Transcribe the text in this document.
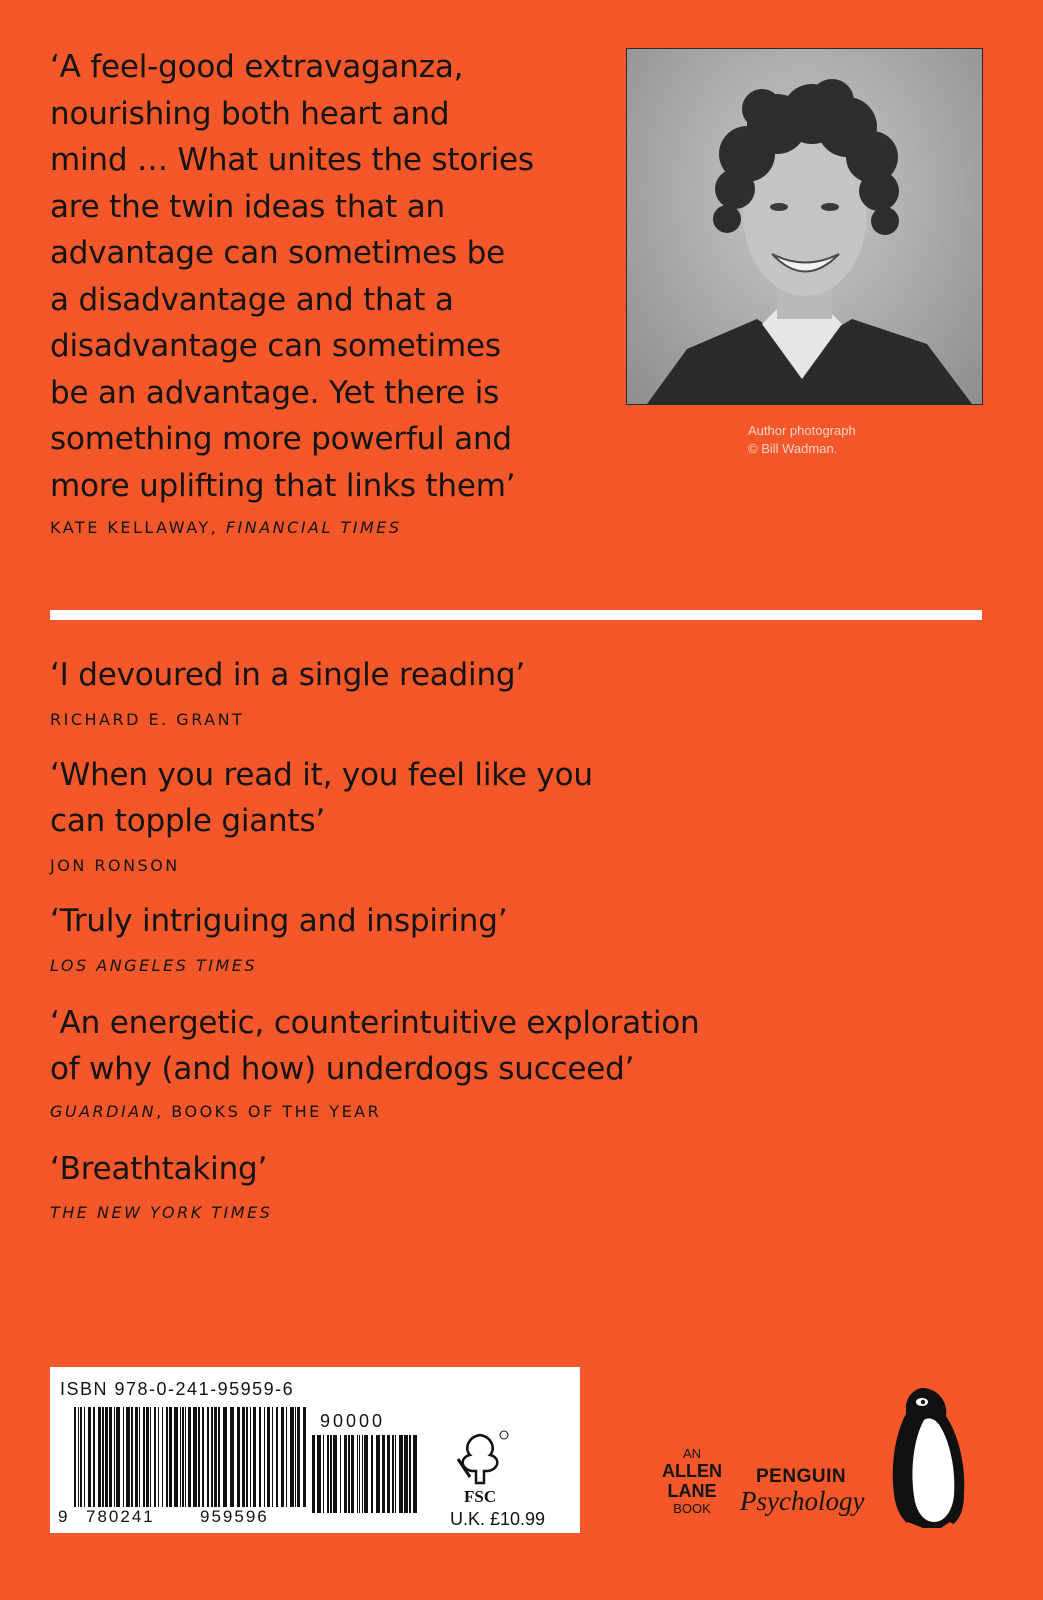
‘A feel-good extravaganza,
nourishing both heart and
mind … What unites the stories
are the twin ideas that an
advantage can sometimes be
a disadvantage and that a
disadvantage can sometimes
be an advantage. Yet there is
something more powerful and
more uplifting that links them’
KATE KELLAWAY, FINANCIAL TIMES
Author photograph
© Bill Wadman.
‘I devoured in a single reading’
RICHARD E. GRANT
‘When you read it, you feel like you
can topple giants’
JON RONSON
‘Truly intriguing and inspiring’
LOS ANGELES TIMES
‘An energetic, counterintuitive exploration
of why (and how) underdogs succeed’
GUARDIAN, BOOKS OF THE YEAR
‘Breathtaking’
THE NEW YORK TIMES
ISBN 978-0-241-95959-6
90000
9 780241	959596
FSC
U.K. £10.99
AN
ALLEN
LANE
BOOK
PENGUIN
Psychology
